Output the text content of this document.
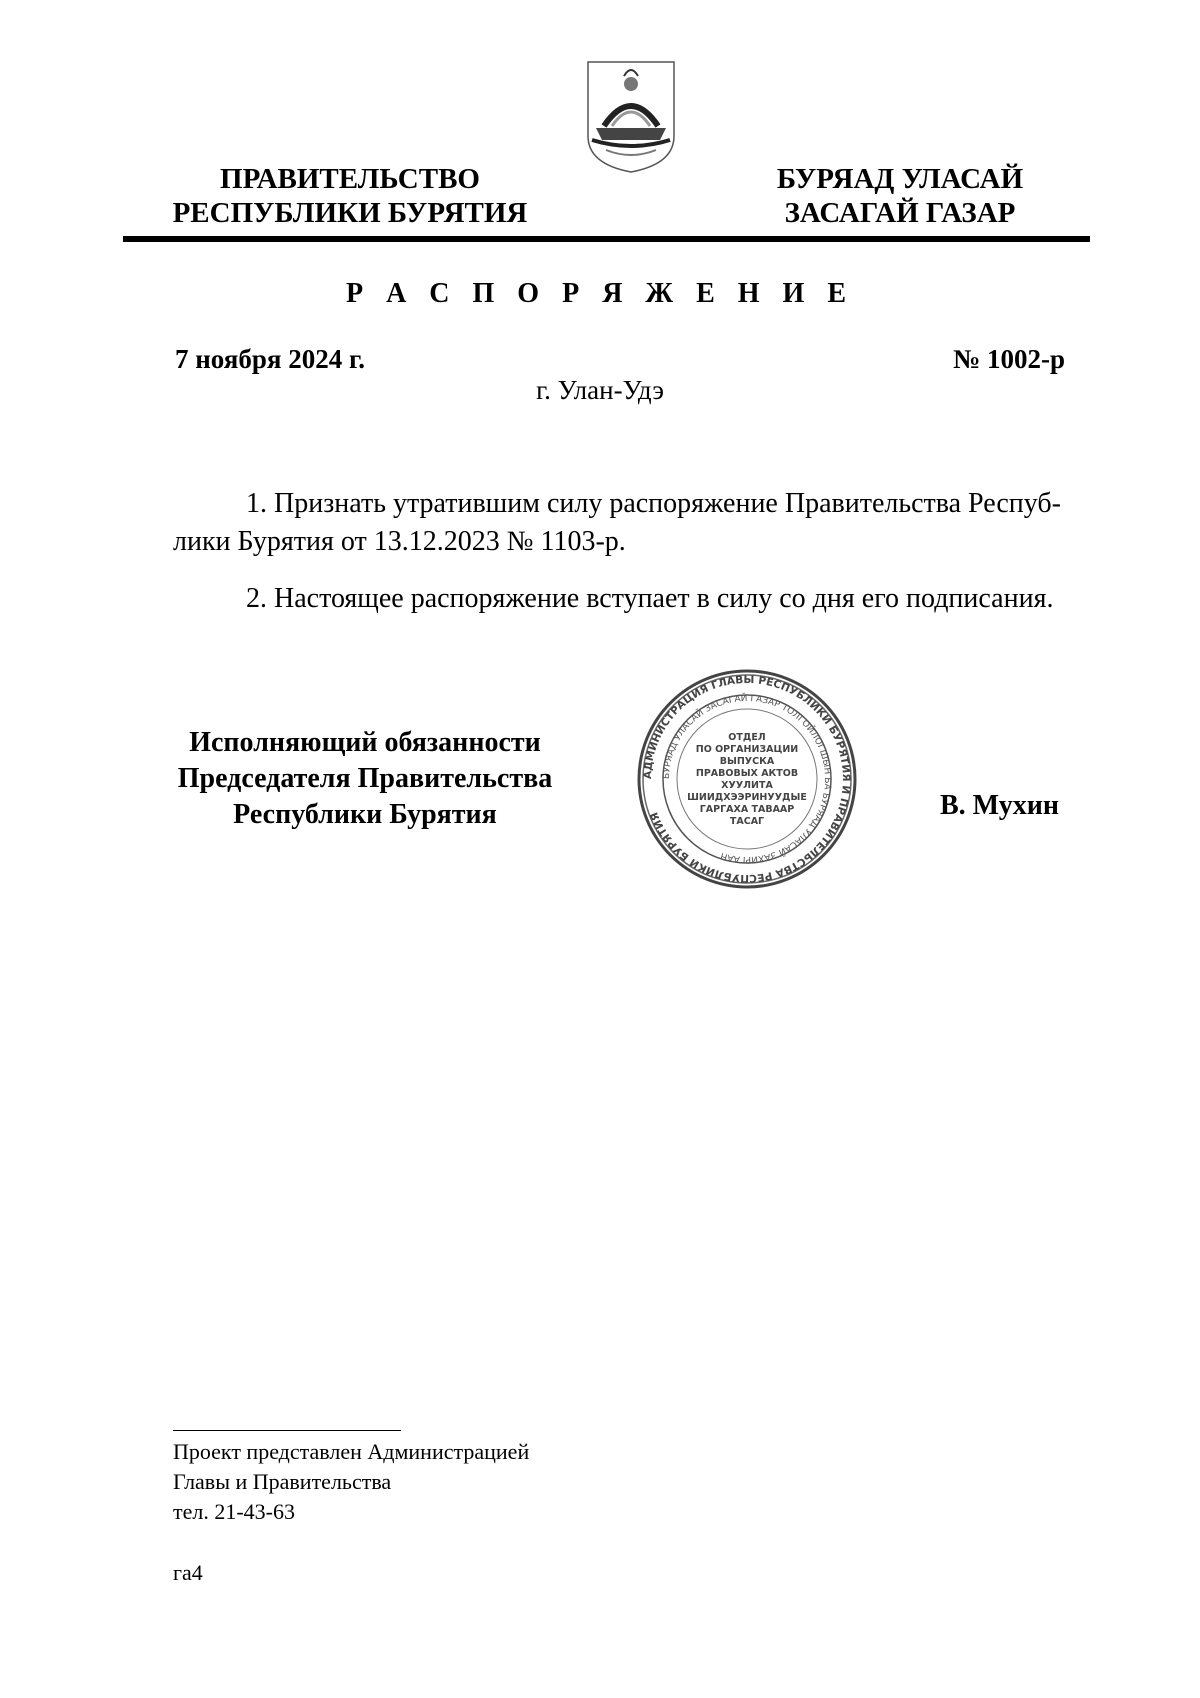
ПРАВИТЕЛЬСТВО
РЕСПУБЛИКИ БУРЯТИЯ
БУРЯАД УЛАСАЙ
ЗАСАГАЙ ГАЗАР
Р А С П О Р Я Ж Е Н И Е
7 ноября 2024 г.	№ 1002-р
г. Улан-Удэ
1. Признать утратившим силу распоряжение Правительства Респуб-
лики Бурятия от 13.12.2023 № 1103-р.
2. Настоящее распоряжение вступает в силу со дня его подписания.
Исполняющий обязанности
Председателя Правительства
Республики Бурятия
АДМИНИСТРАЦИЯ ГЛАВЫ РЕСПУБЛИКИ БУРЯТИЯ И ПРАВИТЕЛЬСТВА РЕСПУБЛИКИ БУРЯТИЯ
БУРЯАД УЛАСАЙ ЗАСАГАЙ ГАЗАР ТОЛГОЙЛОГШЫН БА БУРЯАД УЛАСАЙ ЗАХИРГААН
ОТДЕЛ
ПО ОРГАНИЗАЦИИ
ВЫПУСКА
ПРАВОВЫХ АКТОВ
ХУУЛИТА
ШИИДХЭЭРИНУУДЫЕ
ГАРГАХА ТАВААР
ТАСАГ
В. Мухин
Проект представлен Администрацией
Главы и Правительства
тел. 21-43-63
га4
